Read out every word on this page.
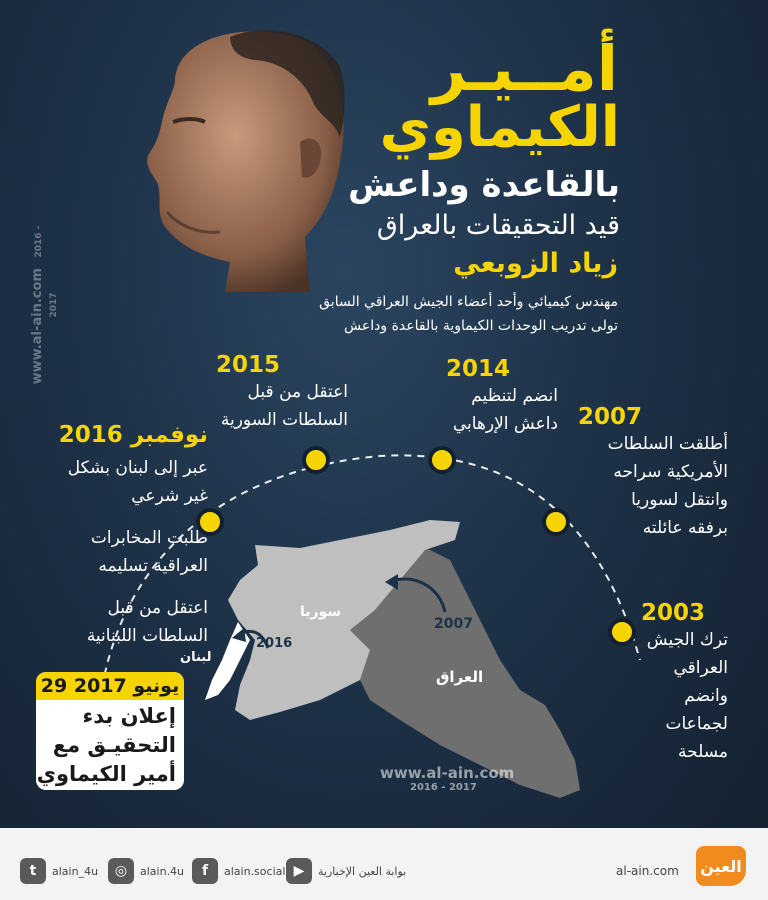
www.al-ain.com 2016 - 2017
أمــيـر
الكيماوي
بالقاعدة وداعش
قيد التحقيقات بالعراق
زياد الزوبعي
مهندس كيميائي وأحد أعضاء الجيش العراقي السابق
تولى تدريب الوحدات الكيماوية بالقاعدة وداعش
سوريا
العراق
لبنان
2007
2016
www.al-ain.com
2016 - 2017
2015
اعتقل من قبل
السلطات السورية
2014
انضم لتنظيم
داعش الإرهابي 2007
أطلقت السلطات
الأمريكية سراحه
وانتقل لسوريا
برفقه عائلته
2003
ترك الجيش
العراقي
وانضم
لجماعات
مسلحة
نوفمبر 2016
عبر إلى لبنان بشكل
غير شرعي
طلبت المخابرات
العراقية تسليمه
اعتقل من قبل
السلطات اللبنانية
29 يونيو 2017
إعلان بدء
التحقيـق مع
أمير الكيماوي
t	alain_4u	◎	alain.4u	f	alain.social ▶	بوابة العين الإخبارية	al-ain.com العين
